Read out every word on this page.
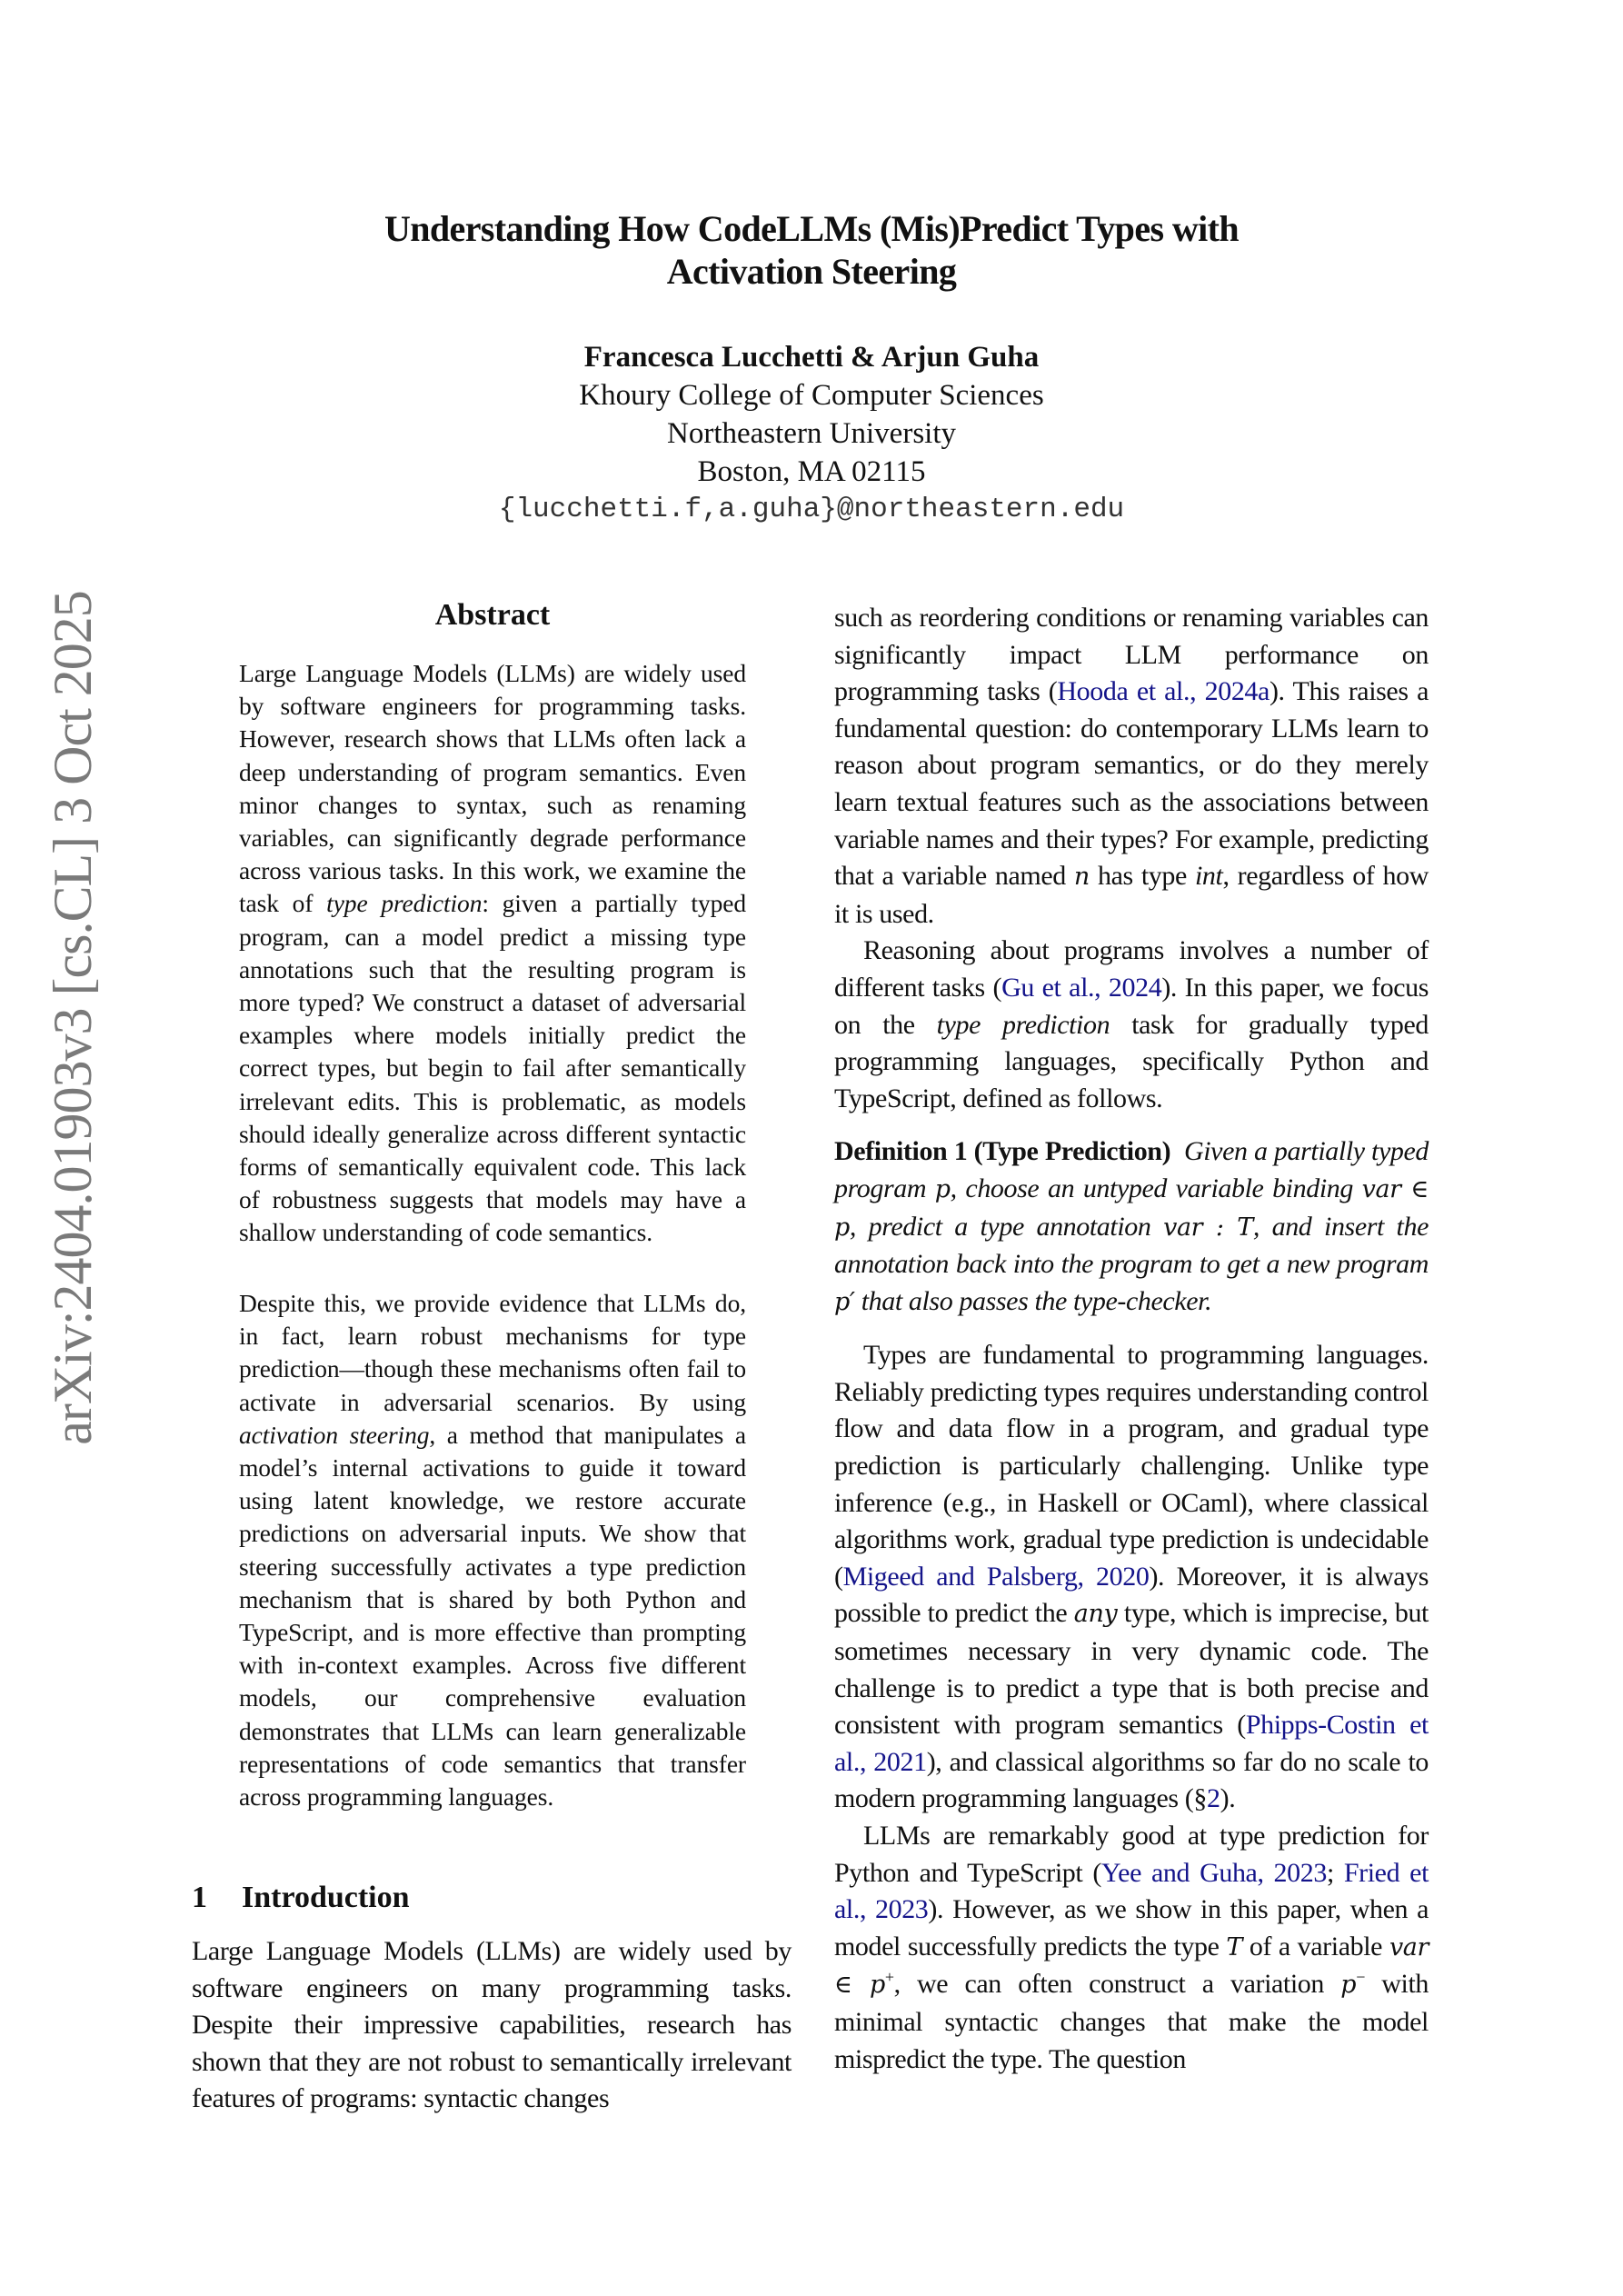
arXiv:2404.01903v3 [cs.CL] 3 Oct 2025
Understanding How CodeLLMs (Mis)Predict Types with
Activation Steering
Francesca Lucchetti & Arjun Guha
Khoury College of Computer Sciences
Northeastern University
Boston, MA 02115
{lucchetti.f,a.guha}@northeastern.edu
Abstract

Large Language Models (LLMs) are widely used by software engineers for programming tasks. However, research shows that LLMs often lack a deep understanding of program semantics. Even minor changes to syntax, such as renaming variables, can significantly degrade performance across various tasks. In this work, we examine the task of type prediction: given a partially typed program, can a model predict a missing type annotations such that the resulting program is more typed? We construct a dataset of adversarial examples where models initially predict the correct types, but begin to fail after semantically irrelevant edits. This is problematic, as models should ideally generalize across different syntactic forms of semantically equivalent code. This lack of robustness suggests that models may have a shallow understanding of code semantics.

Despite this, we provide evidence that LLMs do, in fact, learn robust mechanisms for type prediction—though these mechanisms often fail to activate in adversarial scenarios. By using activation steering, a method that manipulates a model’s internal activations to guide it toward using latent knowledge, we restore accurate predictions on adversarial inputs. We show that steering successfully activates a type prediction mechanism that is shared by both Python and TypeScript, and is more effective than prompting with in-context examples. Across five different models, our comprehensive evaluation demonstrates that LLMs can learn generalizable representations of code semantics that transfer across programming languages.

1 Introduction

Large Language Models (LLMs) are widely used by software engineers on many programming tasks. Despite their impressive capabilities, research has shown that they are not robust to semantically irrelevant features of programs: syntactic changes

such as reordering conditions or renaming variables can significantly impact LLM performance on programming tasks (Hooda et al., 2024a). This raises a fundamental question: do contemporary LLMs learn to reason about program semantics, or do they merely learn textual features such as the associations between variable names and their types? For example, predicting that a variable named n has type int, regardless of how it is used.

Reasoning about programs involves a number of different tasks (Gu et al., 2024). In this paper, we focus on the type prediction task for gradually typed programming languages, specifically Python and TypeScript, defined as follows.

Definition 1 (Type Prediction) Given a partially typed program p, choose an untyped variable binding var ∈ p, predict a type annotation var : T, and insert the annotation back into the program to get a new program p′ that also passes the type-checker.

Types are fundamental to programming languages. Reliably predicting types requires understanding control flow and data flow in a program, and gradual type prediction is particularly challenging. Unlike type inference (e.g., in Haskell or OCaml), where classical algorithms work, gradual type prediction is undecidable (Migeed and Palsberg, 2020). Moreover, it is always possible to predict the any type, which is imprecise, but sometimes necessary in very dynamic code. The challenge is to predict a type that is both precise and consistent with program semantics (Phipps-Costin et al., 2021), and classical algorithms so far do no scale to modern programming languages (§2).

LLMs are remarkably good at type prediction for Python and TypeScript (Yee and Guha, 2023; Fried et al., 2023). However, as we show in this paper, when a model successfully predicts the type T of a variable var ∈ p+, we can often construct a variation p− with minimal syntactic changes that make the model mispredict the type. The question
